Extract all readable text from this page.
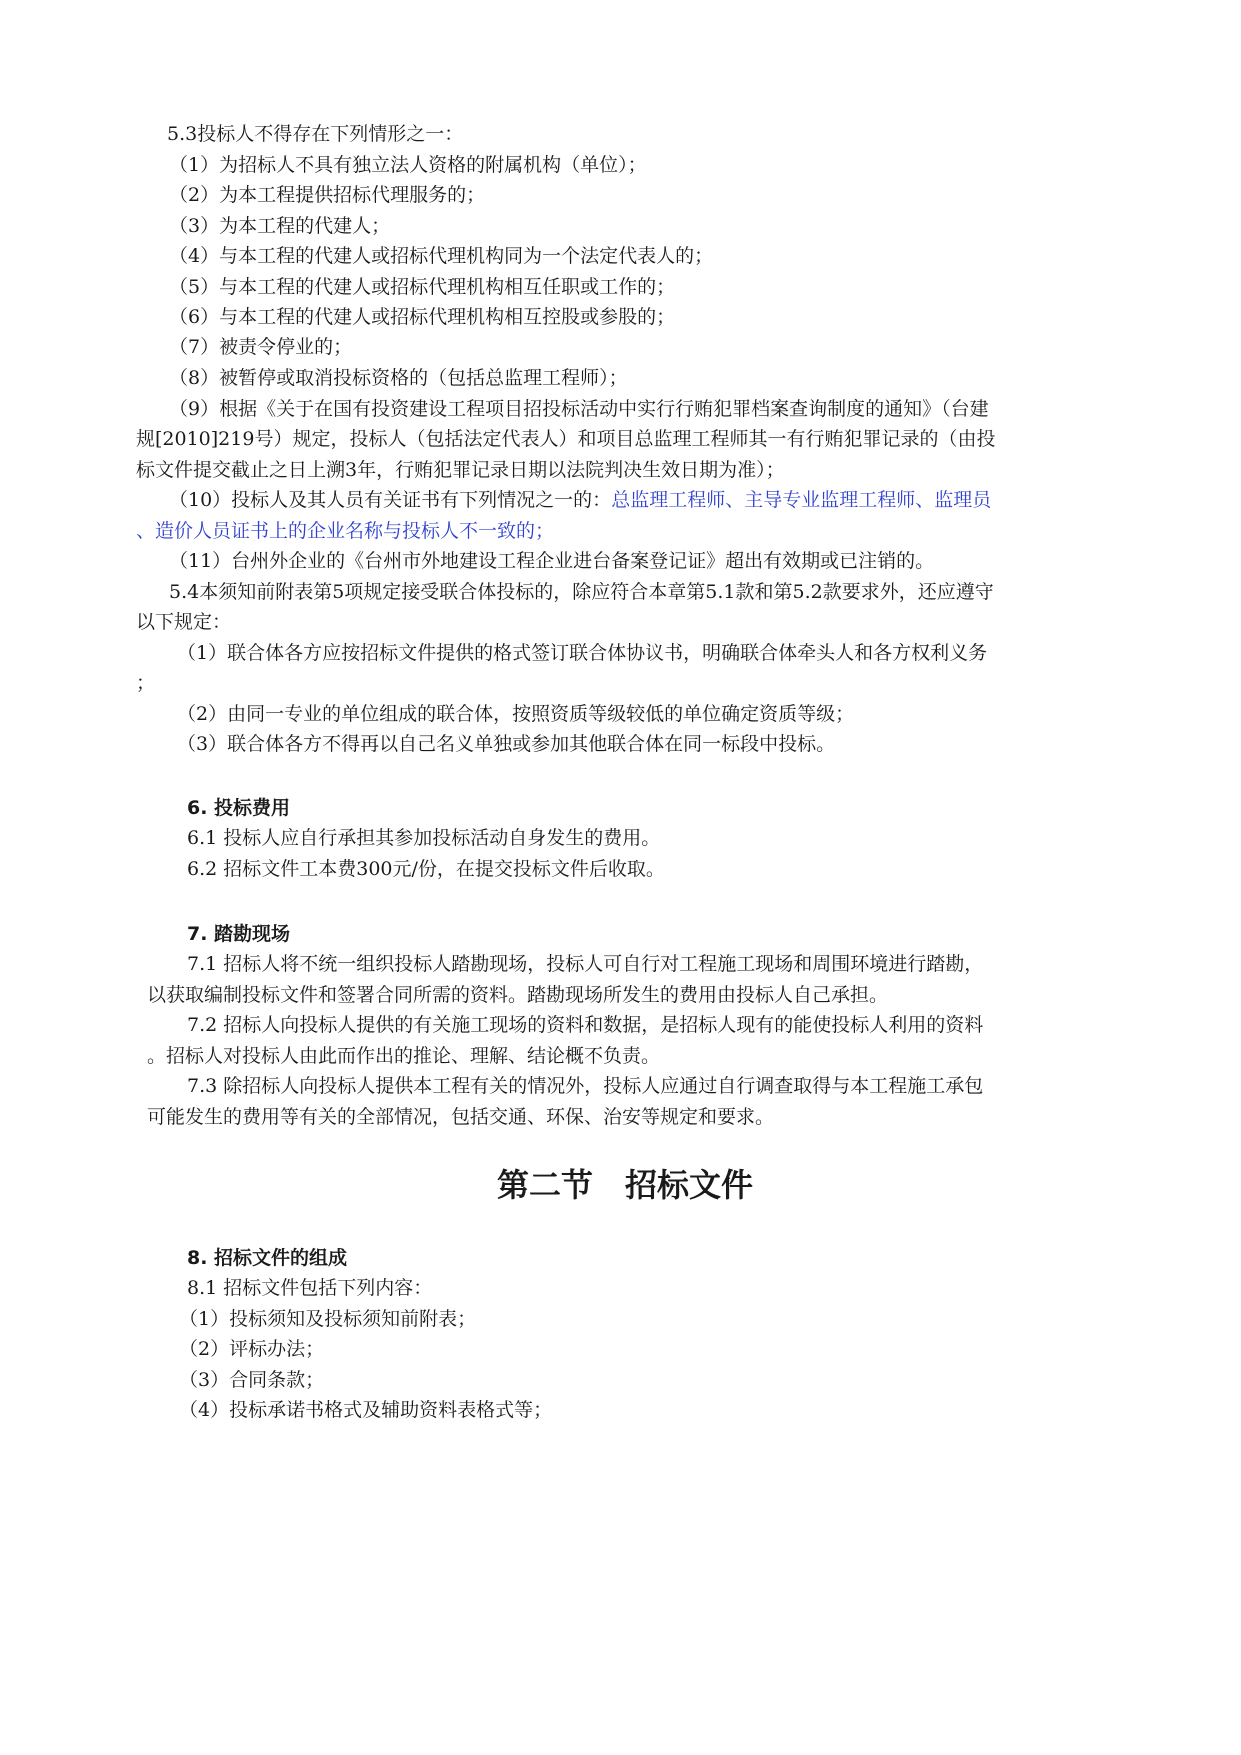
5.3投标人不得存在下列情形之一：

（1）为招标人不具有独立法人资格的附属机构（单位）；

（2）为本工程提供招标代理服务的；

（3）为本工程的代建人；

（4）与本工程的代建人或招标代理机构同为一个法定代表人的；

（5）与本工程的代建人或招标代理机构相互任职或工作的；

（6）与本工程的代建人或招标代理机构相互控股或参股的；

（7）被责令停业的；

（8）被暂停或取消投标资格的（包括总监理工程师）；

（9）根据《关于在国有投资建设工程项目招投标活动中实行行贿犯罪档案查询制度的通知》（台建

规[2010]219号）规定，投标人（包括法定代表人）和项目总监理工程师其一有行贿犯罪记录的（由投

标文件提交截止之日上溯3年，行贿犯罪记录日期以法院判决生效日期为准）；

（10）投标人及其人员有关证书有下列情况之一的：总监理工程师、主导专业监理工程师、监理员

、造价人员证书上的企业名称与投标人不一致的；

（11）台州外企业的《台州市外地建设工程企业进台备案登记证》超出有效期或已注销的。

5.4本须知前附表第5项规定接受联合体投标的，除应符合本章第5.1款和第5.2款要求外，还应遵守

以下规定：

（1）联合体各方应按招标文件提供的格式签订联合体协议书，明确联合体牵头人和各方权利义务

；

（2）由同一专业的单位组成的联合体，按照资质等级较低的单位确定资质等级；

（3）联合体各方不得再以自己名义单独或参加其他联合体在同一标段中投标。

6. 投标费用

6.1 投标人应自行承担其参加投标活动自身发生的费用。

6.2 招标文件工本费300元/份，在提交投标文件后收取。

7. 踏勘现场

7.1 招标人将不统一组织投标人踏勘现场，投标人可自行对工程施工现场和周围环境进行踏勘，

以获取编制投标文件和签署合同所需的资料。踏勘现场所发生的费用由投标人自己承担。

7.2 招标人向投标人提供的有关施工现场的资料和数据，是招标人现有的能使投标人利用的资料

。招标人对投标人由此而作出的推论、理解、结论概不负责。

7.3 除招标人向投标人提供本工程有关的情况外，投标人应通过自行调查取得与本工程施工承包

可能发生的费用等有关的全部情况，包括交通、环保、治安等规定和要求。

第二节　招标文件

8. 招标文件的组成

8.1 招标文件包括下列内容：

（1）投标须知及投标须知前附表；

（2）评标办法；

（3）合同条款；

（4）投标承诺书格式及辅助资料表格式等；
